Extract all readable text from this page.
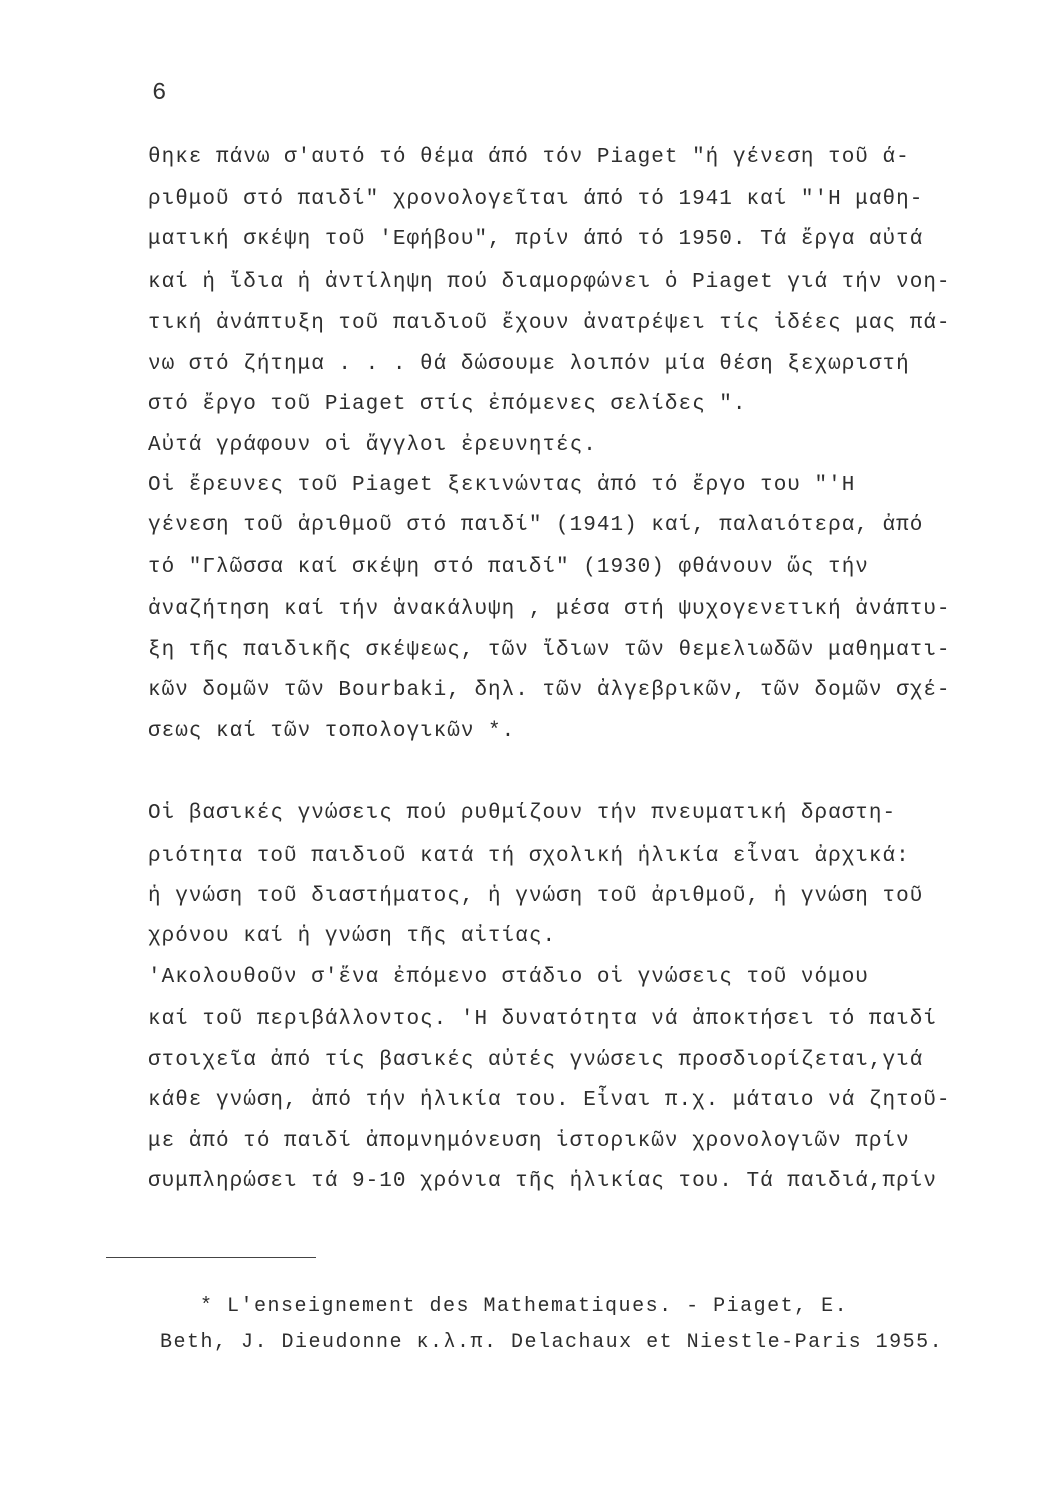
6
θηκε πάνω σ'αυτό τό θέμα άπό τόν Piaget "ή γένεση τοῦ ά-
ριθμοῦ στό παιδί" χρονολογεῖται άπό τό 1941 καί "'Η μαθη-
ματική σκέψη τοῦ 'Εφήβου", πρίν άπό τό 1950. Τά ἔργα αὐτά
καί ἡ ἴδια ἡ ἀντίληψη πού διαμορφώνει ὁ Piaget γιά τήν νοη-
τική ἀνάπτυξη τοῦ παιδιοῦ ἔχουν ἀνατρέψει τίς ἰδέες μας πά-
νω στό ζήτημα . . . θά δώσουμε λοιπόν μία θέση ξεχωριστή
στό ἔργο τοῦ Piaget στίς ἐπόμενες σελίδες ".
Αὐτά γράφουν οἱ ἄγγλοι ἐρευνητές.
Οἱ ἔρευνες τοῦ Piaget ξεκινώντας ἀπό τό ἔργο του "'Η
γένεση τοῦ ἀριθμοῦ στό παιδί" (1941) καί, παλαιότερα, ἀπό
τό "Γλῶσσα καί σκέψη στό παιδί" (1930) φθάνουν ὥς τήν
ἀναζήτηση καί τήν ἀνακάλυψη , μέσα στή ψυχογενετική ἀνάπτυ-
ξη τῆς παιδικῆς σκέψεως, τῶν ἴδιων τῶν θεμελιωδῶν μαθηματι-
κῶν δομῶν τῶν Bourbaki, δηλ. τῶν ἀλγεβρικῶν, τῶν δομῶν σχέ-
σεως καί τῶν τοπολογικῶν *.
Οἱ βασικές γνώσεις πού ρυθμίζουν τήν πνευματική δραστη-
ριότητα τοῦ παιδιοῦ κατά τή σχολική ἡλικία εἶναι ἀρχικά:
ἡ γνώση τοῦ διαστήματος, ἡ γνώση τοῦ ἀριθμοῦ, ἡ γνώση τοῦ
χρόνου καί ἡ γνώση τῆς αἰτίας.
'Ακολουθοῦν σ'ἕνα ἐπόμενο στάδιο οἱ γνώσεις τοῦ νόμου
καί τοῦ περιβάλλοντος. 'Η δυνατότητα νά ἀποκτήσει τό παιδί
στοιχεῖα ἀπό τίς βασικές αὐτές γνώσεις προσδιορίζεται,γιά
κάθε γνώση, ἀπό τήν ἡλικία του. Εἶναι π.χ. μάταιο νά ζητοῦ-
με ἀπό τό παιδί ἀπομνημόνευση ἱστορικῶν χρονολογιῶν πρίν
συμπληρώσει τά 9-10 χρόνια τῆς ἡλικίας του. Τά παιδιά,πρίν
* L'enseignement des Mathematiques. - Piaget, E.
Beth, J. Dieudonne κ.λ.π. Delachaux et Niestle-Paris 1955.
